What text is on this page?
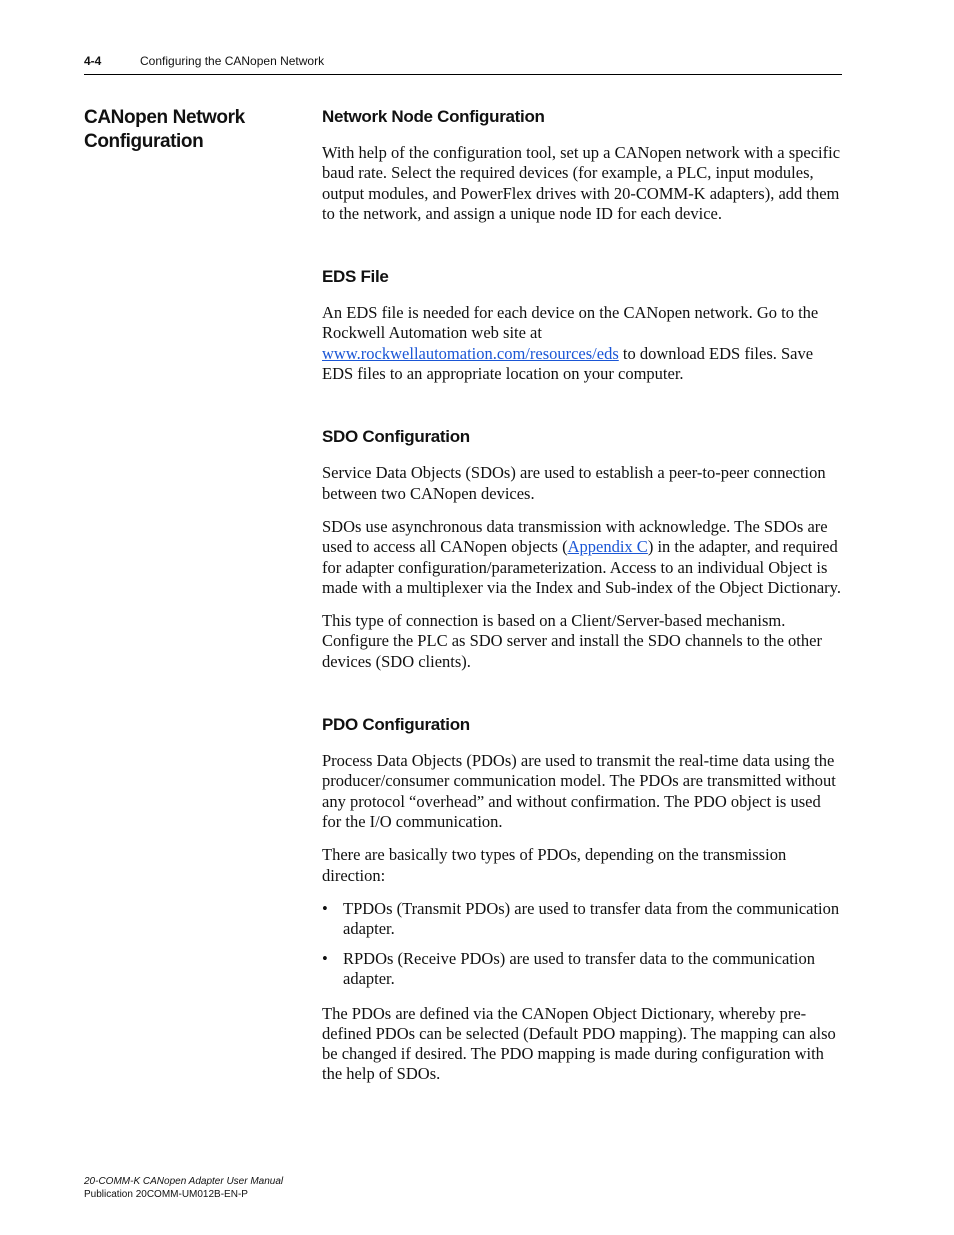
4-4	Configuring the CANopen Network
CANopen Network Configuration
Network Node Configuration

With help of the configuration tool, set up a CANopen network with a specific baud rate. Select the required devices (for example, a PLC, input modules, output modules, and PowerFlex drives with 20-COMM-K adapters), add them to the network, and assign a unique node ID for each device.

EDS File

An EDS file is needed for each device on the CANopen network. Go to the Rockwell Automation web site at www.rockwellautomation.com/resources/eds to download EDS files. Save EDS files to an appropriate location on your computer.

SDO Configuration

Service Data Objects (SDOs) are used to establish a peer-to-peer connection between two CANopen devices.

SDOs use asynchronous data transmission with acknowledge. The SDOs are used to access all CANopen objects (Appendix C) in the adapter, and required for adapter configuration/parameterization. Access to an individual Object is made with a multiplexer via the Index and Sub-index of the Object Dictionary.

This type of connection is based on a Client/Server-based mechanism. Configure the PLC as SDO server and install the SDO channels to the other devices (SDO clients).

PDO Configuration

Process Data Objects (PDOs) are used to transmit the real-time data using the producer/consumer communication model. The PDOs are transmitted without any protocol “overhead” and without confirmation. The PDO object is used for the I/O communication.

There are basically two types of PDOs, depending on the transmission direction:

• TPDOs (Transmit PDOs) are used to transfer data from the communication adapter.
• RPDOs (Receive PDOs) are used to transfer data to the communication adapter.

The PDOs are defined via the CANopen Object Dictionary, whereby pre-defined PDOs can be selected (Default PDO mapping). The mapping can also be changed if desired. The PDO mapping is made during configuration with the help of SDOs.

20-COMM-K CANopen Adapter User Manual
Publication 20COMM-UM012B-EN-P
